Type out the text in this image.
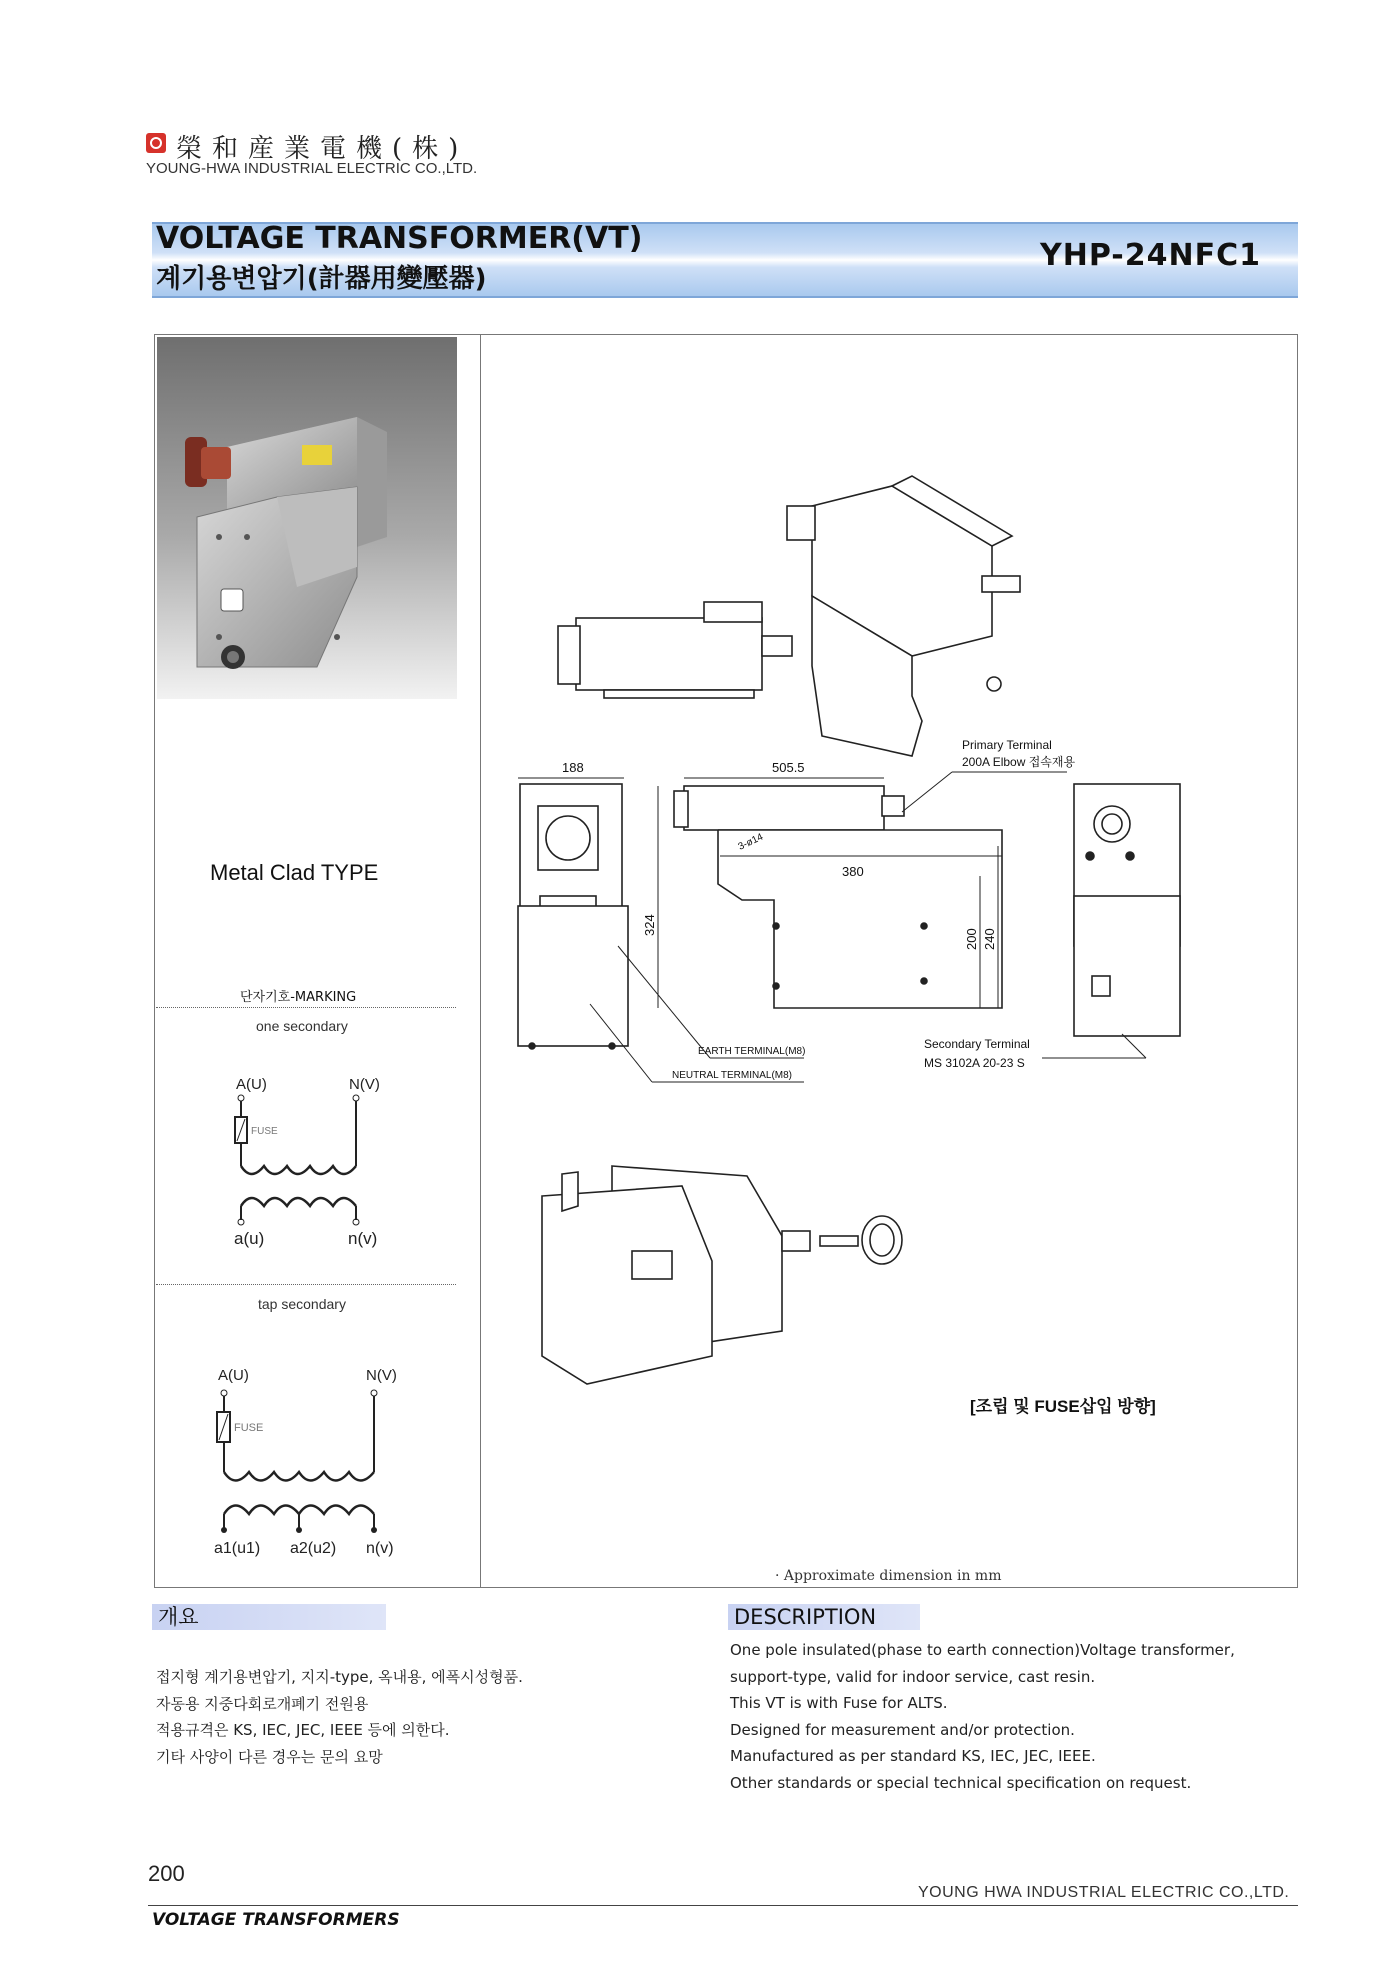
榮和産業電機(株)
YOUNG-HWA INDUSTRIAL ELECTRIC CO.,LTD.
VOLTAGE TRANSFORMER(VT)
계기용변압기(計器用變壓器)
YHP-24NFC1
Metal Clad TYPE
단자기호-MARKING
one secondary
A(U)	N(V)
FUSE
a(u)	n(v)
tap secondary
A(U)	N(V)
FUSE
a1(u1) a2(u2) n(v)
188	505.5
324
380
200 240
3-ø14
Primary Terminal
200A Elbow 접속재용
EARTH TERMINAL(M8)
NEUTRAL TERMINAL(M8)
Secondary Terminal
MS 3102A 20-23 S
[조립 및 FUSE삽입 방향]
· Approximate dimension in mm
개요
접지형 계기용변압기, 지지-type, 옥내용, 에폭시성형품.
자동용 지중다회로개폐기 전원용
적용규격은 KS, IEC, JEC, IEEE 등에 의한다.
기타 사양이 다른 경우는 문의 요망
DESCRIPTION
One pole insulated(phase to earth connection)Voltage transformer,
support-type, valid for indoor service, cast resin.
This VT is with Fuse for ALTS.
Designed for measurement and/or protection.
Manufactured as per standard KS, IEC, JEC, IEEE.
Other standards or special technical specification on request.
200
YOUNG HWA INDUSTRIAL ELECTRIC CO.,LTD.
VOLTAGE TRANSFORMERS
